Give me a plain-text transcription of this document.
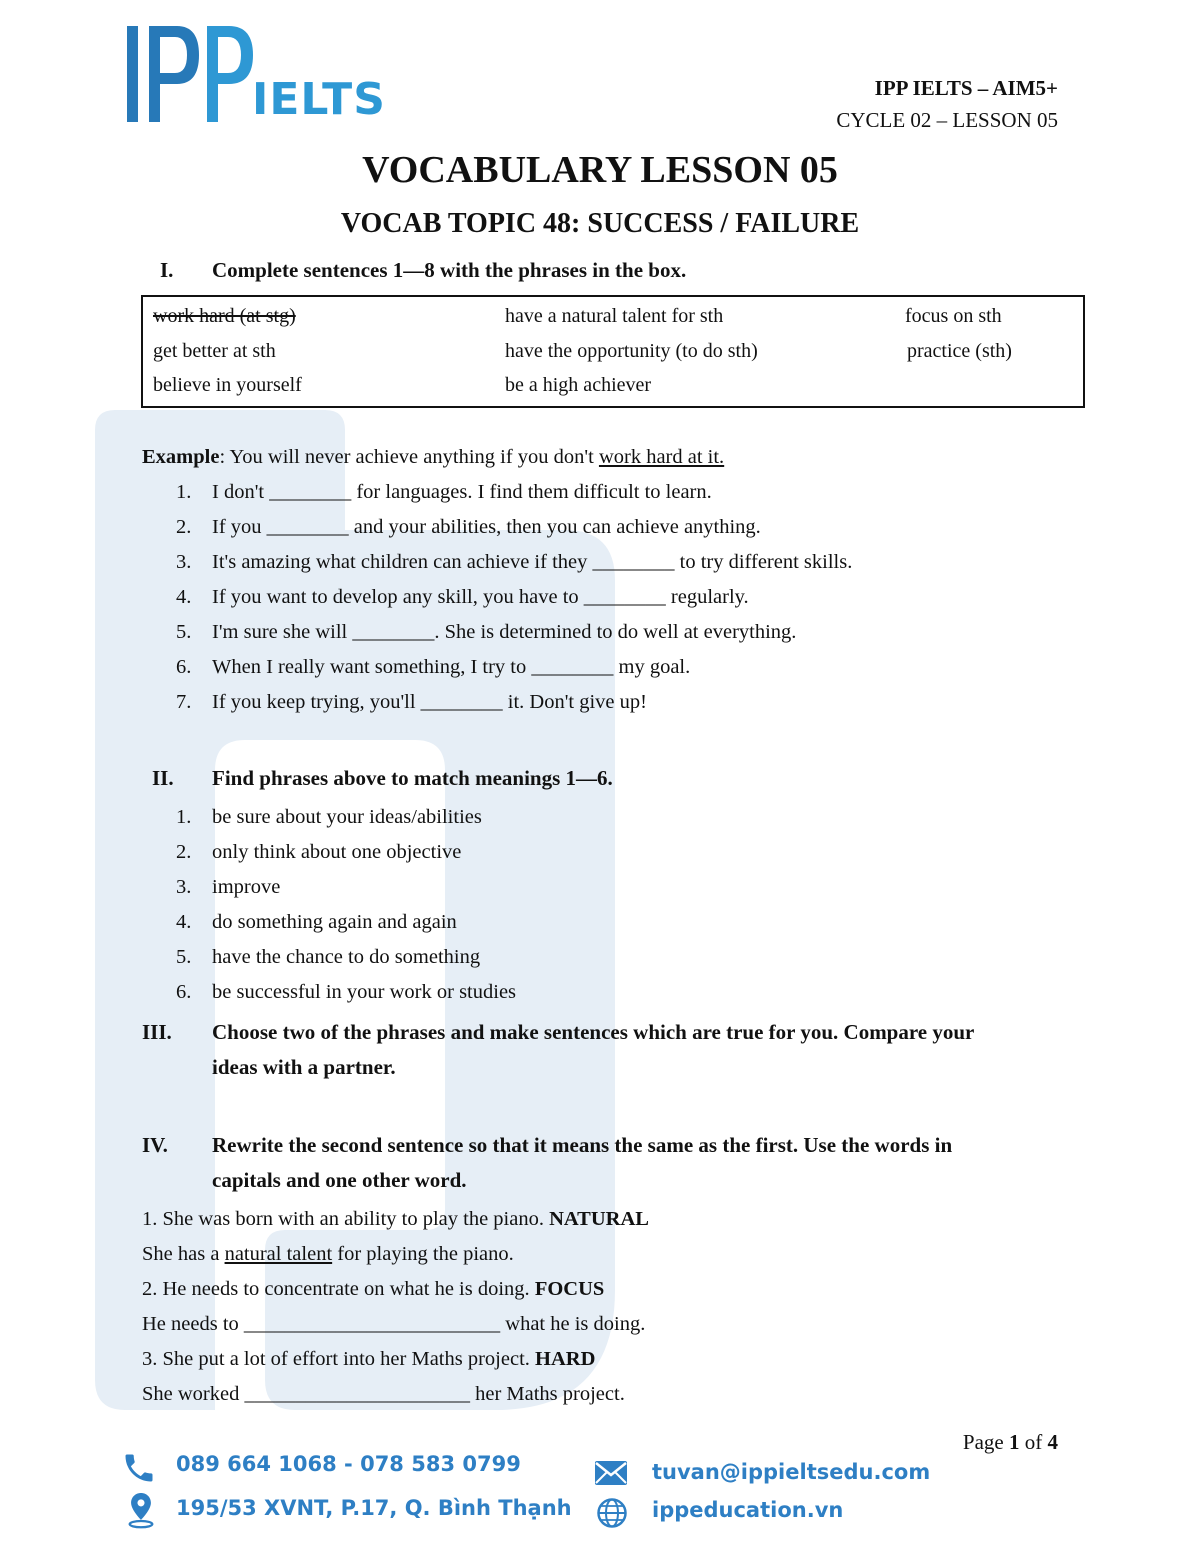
IELTS	IPP IELTS – AIM5+
CYCLE 02 – LESSON 05
VOCABULARY LESSON 05
VOCAB TOPIC 48: SUCCESS / FAILURE
I. Complete sentences 1—8 with the phrases in the box.
work hard (at stg)	have a natural talent for sth	focus on sth
get better at sth	have the opportunity (to do sth)	practice (sth)
believe in yourself	be a high achiever
Example: You will never achieve anything if you don't work hard at it.
1. I don't ________ for languages. I find them difficult to learn.
2. If you ________ and your abilities, then you can achieve anything.
3. It's amazing what children can achieve if they ________ to try different skills.
4. If you want to develop any skill, you have to ________ regularly.
5. I'm sure she will ________. She is determined to do well at everything.
6. When I really want something, I try to ________ my goal.
7. If you keep trying, you'll ________ it. Don't give up!
II. Find phrases above to match meanings 1—6.
1. be sure about your ideas/abilities
2. only think about one objective
3. improve
4. do something again and again
5. have the chance to do something
6. be successful in your work or studies
III. Choose two of the phrases and make sentences which are true for you. Compare your
ideas with a partner.
IV. Rewrite the second sentence so that it means the same as the first. Use the words in
capitals and one other word.
1. She was born with an ability to play the piano. NATURAL
She has a natural talent for playing the piano.
2. He needs to concentrate on what he is doing. FOCUS
He needs to _________________________ what he is doing.
3. She put a lot of effort into her Maths project. HARD
She worked ______________________ her Maths project.
Page 1 of 4
089 664 1068 - 078 583 0799
195/53 XVNT, P.17, Q. Bình Thạnh
tuvan@ippieltsedu.com
ippeducation.vn
